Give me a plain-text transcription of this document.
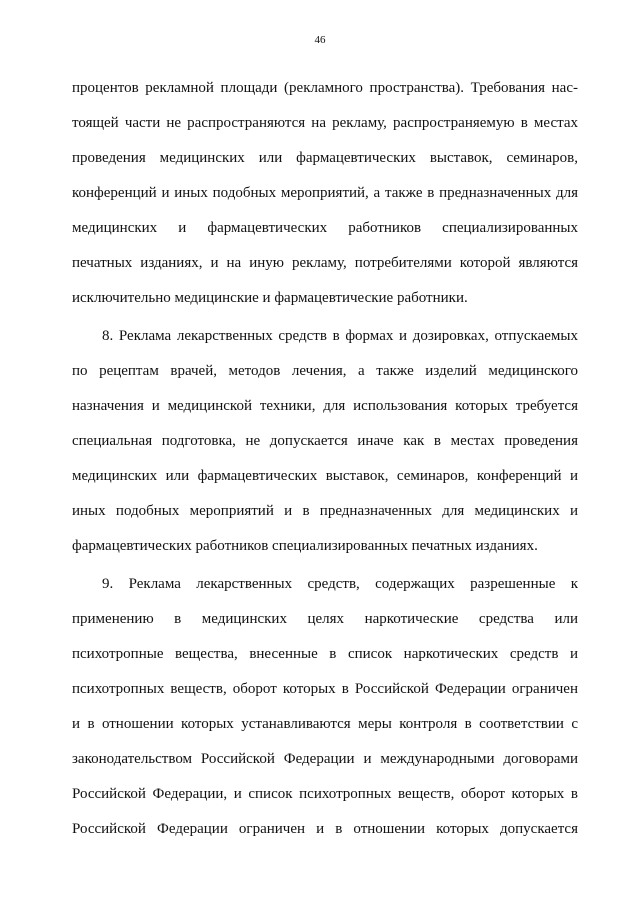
46
процентов рекламной площади (рекламного пространства). Требования нас-
тоящей части не распространяются на рекламу, распространяемую в местах
проведения медицинских или фармацевтических выставок, семинаров,
конференций и иных подобных мероприятий, а также в предназначенных для
медицинских и фармацевтических работников специализированных
печатных изданиях, и на иную рекламу, потребителями которой являются
исключительно медицинские и фармацевтические работники.
8. Реклама лекарственных средств в формах и дозировках, отпускаемых
по рецептам врачей, методов лечения, а также изделий медицинского
назначения и медицинской техники, для использования которых требуется
специальная подготовка, не допускается иначе как в местах проведения
медицинских или фармацевтических выставок, семинаров, конференций и
иных подобных мероприятий и в предназначенных для медицинских и
фармацевтических работников специализированных печатных изданиях.
9. Реклама лекарственных средств, содержащих разрешенные к
применению в медицинских целях наркотические средства или
психотропные вещества, внесенные в список наркотических средств и
психотропных веществ, оборот которых в Российской Федерации ограничен
и в отношении которых устанавливаются меры контроля в соответствии с
законодательством Российской Федерации и международными договорами
Российской Федерации, и список психотропных веществ, оборот которых в
Российской Федерации ограничен и в отношении которых допускается
